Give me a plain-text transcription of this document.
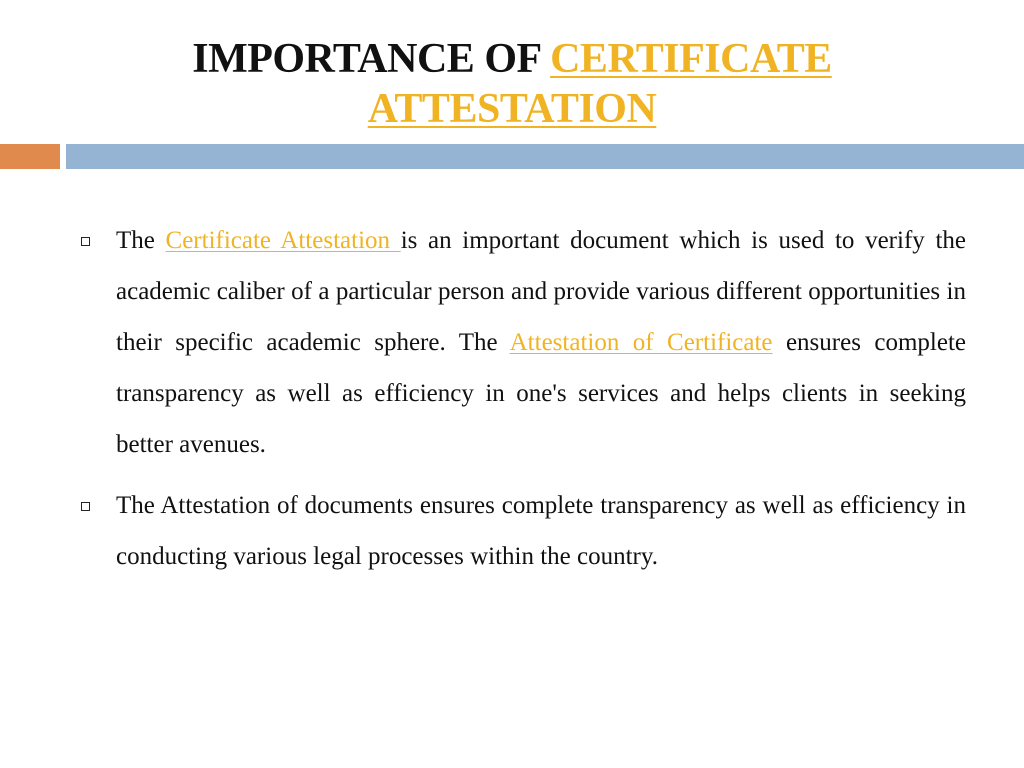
IMPORTANCE OF CERTIFICATE
ATTESTATION
The Certificate Attestation is an important document which is used to verify the academic caliber of a particular person and provide various different opportunities in their specific academic sphere. The Attestation of Certificate ensures complete transparency as well as efficiency in one's services and helps clients in seeking better avenues.
The Attestation of documents ensures complete transparency as well as efficiency in conducting various legal processes within the country.
